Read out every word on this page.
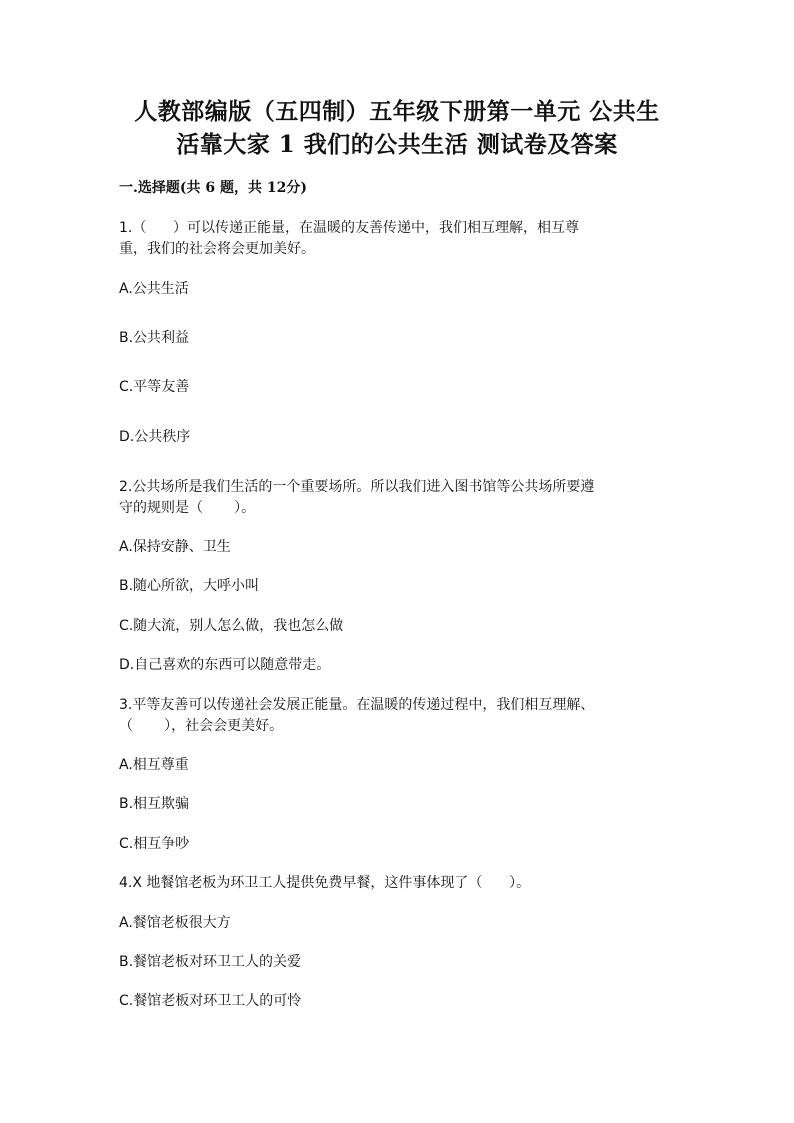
人教部编版（五四制）五年级下册第一单元 公共生
活靠大家 1 我们的公共生活 测试卷及答案
一.选择题(共 6 题，共 12分)
1.（      ）可以传递正能量，在温暖的友善传递中，我们相互理解，相互尊
重，我们的社会将会更加美好。
A.公共生活
B.公共利益
C.平等友善
D.公共秩序
2.公共场所是我们生活的一个重要场所。所以我们进入图书馆等公共场所要遵
守的规则是（       ）。
A.保持安静、卫生
B.随心所欲，大呼小叫
C.随大流，别人怎么做，我也怎么做
D.自己喜欢的东西可以随意带走。
3.平等友善可以传递社会发展正能量。在温暖的传递过程中，我们相互理解、
（       ），社会会更美好。
A.相互尊重
B.相互欺骗
C.相互争吵
4.X 地餐馆老板为环卫工人提供免费早餐，这件事体现了（      ）。
A.餐馆老板很大方
B.餐馆老板对环卫工人的关爱
C.餐馆老板对环卫工人的可怜
